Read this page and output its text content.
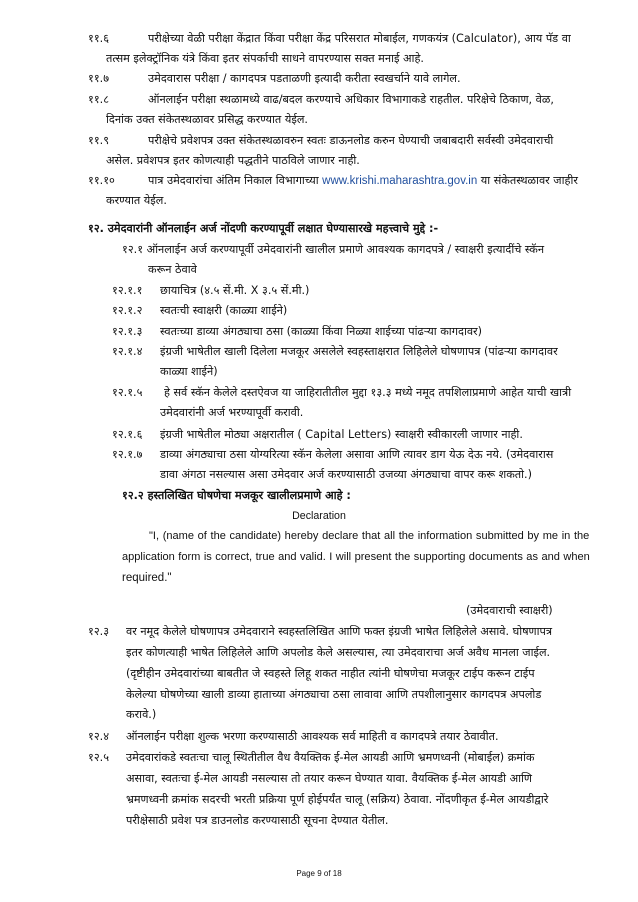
११.६	परीक्षेच्या वेळी परीक्षा केंद्रात किंवा परीक्षा केंद्र परिसरात मोबाईल, गणकयंत्र (Calculator), आय पॅड वा
तत्सम इलेक्ट्रॉनिक यंत्रे किंवा इतर संपर्काची साधने वापरण्यास सक्त मनाई आहे.
११.७	उमेदवारास परीक्षा / कागदपत्र पडताळणी इत्यादी करीता स्वखर्चाने यावे लागेल.
११.८	ऑनलाईन परीक्षा स्थळामध्ये वाढ/बदल करण्याचे अधिकार विभागाकडे राहतील. परिक्षेचे ठिकाण, वेळ,
दिनांक उक्त संकेतस्थळावर प्रसिद्ध करण्यात येईल.
११.९	परीक्षेचे प्रवेशपत्र उक्त संकेतस्थळावरुन स्वतः डाऊनलोड करुन घेण्याची जबाबदारी सर्वस्वी उमेदवाराची
असेल. प्रवेशपत्र इतर कोणत्याही पद्धतीने पाठविले जाणार नाही.
११.१०	पात्र उमेदवारांचा अंतिम निकाल विभागाच्या www.krishi.maharashtra.gov.in या संकेतस्थळावर जाहीर
करण्यात येईल.
१२. उमेदवारांनी ऑनलाईन अर्ज नोंदणी करण्यापूर्वी लक्षात घेण्यासारखे महत्त्वाचे मुद्दे :-
१२.१ ऑनलाईन अर्ज करण्यापूर्वी उमेदवारांनी खालील प्रमाणे आवश्यक कागदपत्रे / स्वाक्षरी इत्यादींचे स्कॅन
करून ठेवावे
१२.१.१ छायाचित्र (४.५ सें.मी. X ३.५ सें.मी.)
१२.१.२ स्वतःची स्वाक्षरी (काळ्या शाईने)
१२.१.३ स्वतःच्या डाव्या अंगठ्याचा ठसा (काळ्या किंवा निळ्या शाईच्या पांढऱ्या कागदावर)
१२.१.४ इंग्रजी भाषेतील खाली दिलेला मजकूर असलेले स्वहस्ताक्षरात लिहिलेले घोषणापत्र (पांढऱ्या कागदावर
काळ्या शाईने)
१२.१.५ हे सर्व स्कॅन केलेले दस्तऐवज या जाहिरातीतील मुद्दा १३.३ मध्ये नमूद तपशिलाप्रमाणे आहेत याची खात्री
उमेदवारांनी अर्ज भरण्यापूर्वी करावी.
१२.१.६ इंग्रजी भाषेतील मोठ्या अक्षरातील ( Capital Letters) स्वाक्षरी स्वीकारली जाणार नाही.
१२.१.७ डाव्या अंगठ्याचा ठसा योग्यरित्या स्कॅन केलेला असावा आणि त्यावर डाग येऊ देऊ नये. (उमेदवारास
डावा अंगठा नसल्यास असा उमेदवार अर्ज करण्यासाठी उजव्या अंगठ्याचा वापर करू शकतो.)
१२.२ हस्तलिखित घोषणेचा मजकूर खालीलप्रमाणे आहे :
Declaration
"I, (name of the candidate) hereby declare that all the information submitted by me in the
application form is correct, true and valid. I will present the supporting documents as and when
required."
(उमेदवाराची स्वाक्षरी)
१२.३ वर नमूद केलेले घोषणापत्र उमेदवाराने स्वहस्तलिखित आणि फक्त इंग्रजी भाषेत लिहिलेले असावे. घोषणापत्र
इतर कोणत्याही भाषेत लिहिलेले आणि अपलोड केले असल्यास, त्या उमेदवाराचा अर्ज अवैध मानला जाईल.
(दृष्टीहीन उमेदवारांच्या बाबतीत जे स्वहस्ते लिहू शकत नाहीत त्यांनी घोषणेचा मजकूर टाईप करून टाईप
केलेल्या घोषणेच्या खाली डाव्या हाताच्या अंगठ्याचा ठसा लावावा आणि तपशीलानुसार कागदपत्र अपलोड
करावे.)
१२.४ ऑनलाईन परीक्षा शुल्क भरणा करण्यासाठी आवश्यक सर्व माहिती व कागदपत्रे तयार ठेवावीत.
१२.५ उमेदवारांकडे स्वतःचा चालू स्थितीतील वैध वैयक्तिक ई-मेल आयडी आणि भ्रमणध्वनी (मोबाईल) क्रमांक
असावा, स्वतःचा ई-मेल आयडी नसल्यास तो तयार करून घेण्यात यावा. वैयक्तिक ई-मेल आयडी आणि
भ्रमणध्वनी क्रमांक सदरची भरती प्रक्रिया पूर्ण होईपर्यंत चालू (सक्रिय) ठेवावा. नोंदणीकृत ई-मेल आयडीद्वारे
परीक्षेसाठी प्रवेश पत्र डाउनलोड करण्यासाठी सूचना देण्यात येतील.
Page 9 of 18
